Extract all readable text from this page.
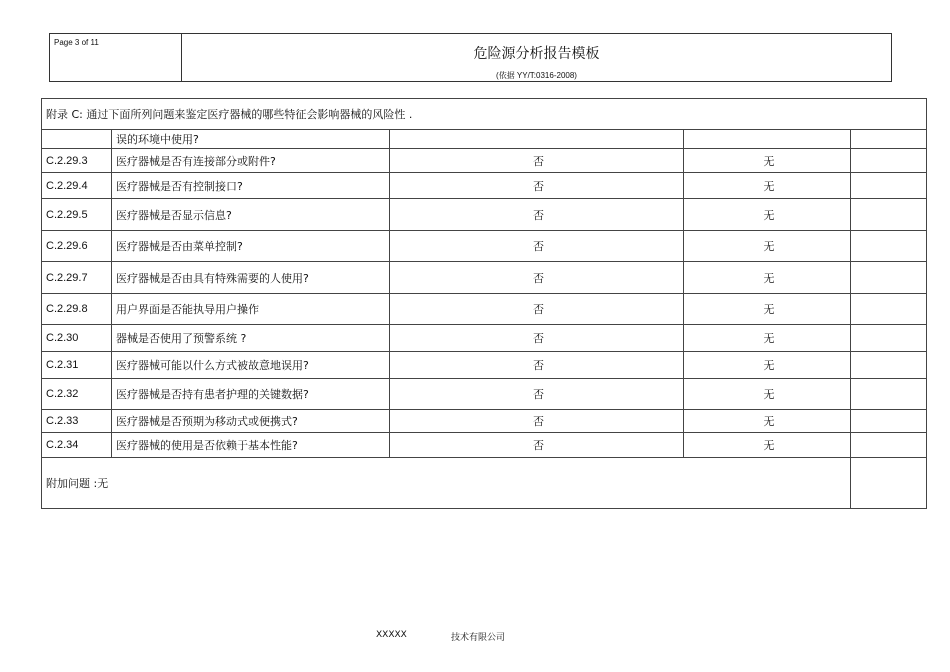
Page 3 of 11
危险源分析报告模板
(依据 YY/T:0316-2008)
附录 C: 通过下面所列问题来鉴定医疗器械的哪些特征会影响器械的风险性 .				
	误的环境中使用?			
C.2.29.3	医疗器械是否有连接部分或附件?	否	无	
C.2.29.4	医疗器械是否有控制接口?	否	无	
C.2.29.5	医疗器械是否显示信息?	否	无	
C.2.29.6	医疗器械是否由菜单控制?	否	无	
C.2.29.7	医疗器械是否由具有特殊需要的人使用?	否	无	
C.2.29.8	用户界面是否能执导用户操作	否	无	
C.2.30	器械是否使用了预警系统 ?	否	无	
C.2.31	医疗器械可能以什么方式被故意地误用?	否	无	
C.2.32	医疗器械是否持有患者护理的关键数据?	否	无	
C.2.33	医疗器械是否预期为移动式或便携式?	否	无	
C.2.34	医疗器械的使用是否依赖于基本性能?	否	无	
附加问题 :无				
XXXXX	技术有限公司
